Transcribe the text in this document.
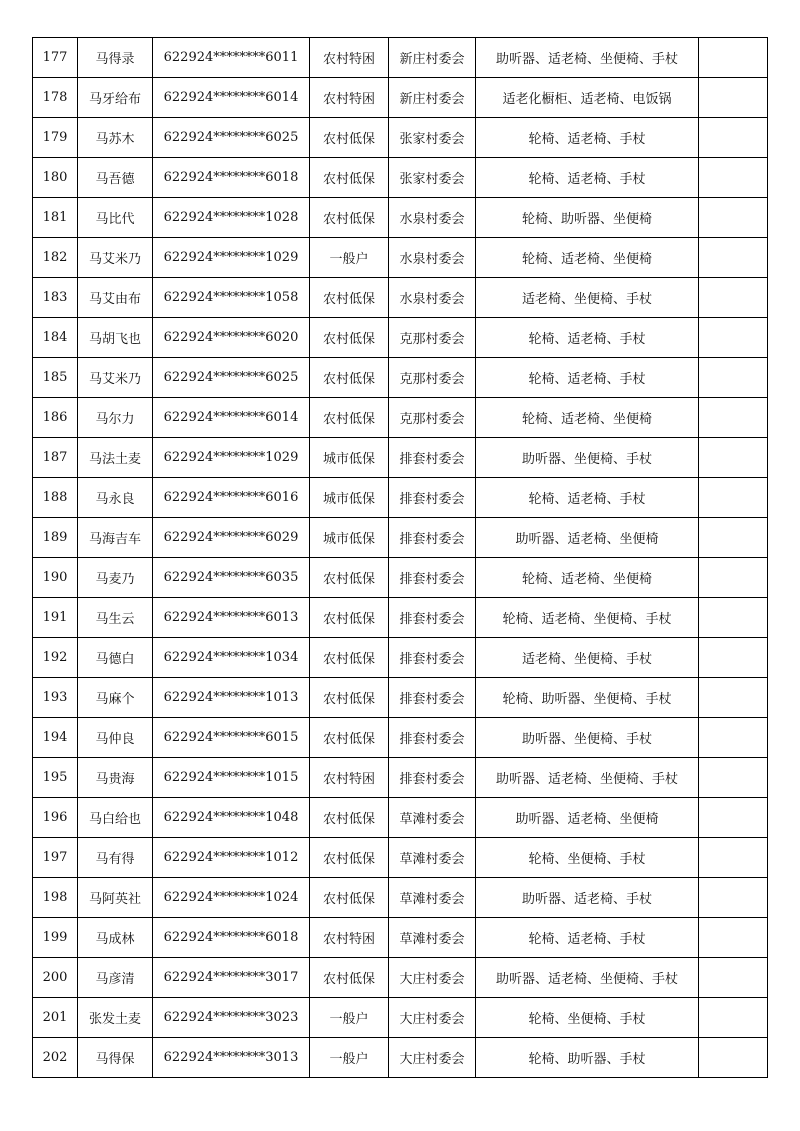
177	马得录	622924********6011	农村特困	新庄村委会	助听器、适老椅、坐便椅、手杖	
178	马牙给布	622924********6014	农村特困	新庄村委会	适老化橱柜、适老椅、电饭锅	
179	马苏木	622924********6025	农村低保	张家村委会	轮椅、适老椅、手杖	
180	马吾德	622924********6018	农村低保	张家村委会	轮椅、适老椅、手杖	
181	马比代	622924********1028	农村低保	水泉村委会	轮椅、助听器、坐便椅	
182	马艾米乃	622924********1029	一般户	水泉村委会	轮椅、适老椅、坐便椅	
183	马艾由布	622924********1058	农村低保	水泉村委会	适老椅、坐便椅、手杖	
184	马胡飞也	622924********6020	农村低保	克那村委会	轮椅、适老椅、手杖	
185	马艾米乃	622924********6025	农村低保	克那村委会	轮椅、适老椅、手杖	
186	马尔力	622924********6014	农村低保	克那村委会	轮椅、适老椅、坐便椅	
187	马法土麦	622924********1029	城市低保	排套村委会	助听器、坐便椅、手杖	
188	马永良	622924********6016	城市低保	排套村委会	轮椅、适老椅、手杖	
189	马海吉车	622924********6029	城市低保	排套村委会	助听器、适老椅、坐便椅	
190	马麦乃	622924********6035	农村低保	排套村委会	轮椅、适老椅、坐便椅	
191	马生云	622924********6013	农村低保	排套村委会	轮椅、适老椅、坐便椅、手杖	
192	马德白	622924********1034	农村低保	排套村委会	适老椅、坐便椅、手杖	
193	马麻个	622924********1013	农村低保	排套村委会	轮椅、助听器、坐便椅、手杖	
194	马仲良	622924********6015	农村低保	排套村委会	助听器、坐便椅、手杖	
195	马贵海	622924********1015	农村特困	排套村委会	助听器、适老椅、坐便椅、手杖	
196	马白给也	622924********1048	农村低保	草滩村委会	助听器、适老椅、坐便椅	
197	马有得	622924********1012	农村低保	草滩村委会	轮椅、坐便椅、手杖	
198	马阿英社	622924********1024	农村低保	草滩村委会	助听器、适老椅、手杖	
199	马成林	622924********6018	农村特困	草滩村委会	轮椅、适老椅、手杖	
200	马彦清	622924********3017	农村低保	大庄村委会	助听器、适老椅、坐便椅、手杖	
201	张发土麦	622924********3023	一般户	大庄村委会	轮椅、坐便椅、手杖	
202	马得保	622924********3013	一般户	大庄村委会	轮椅、助听器、手杖	
